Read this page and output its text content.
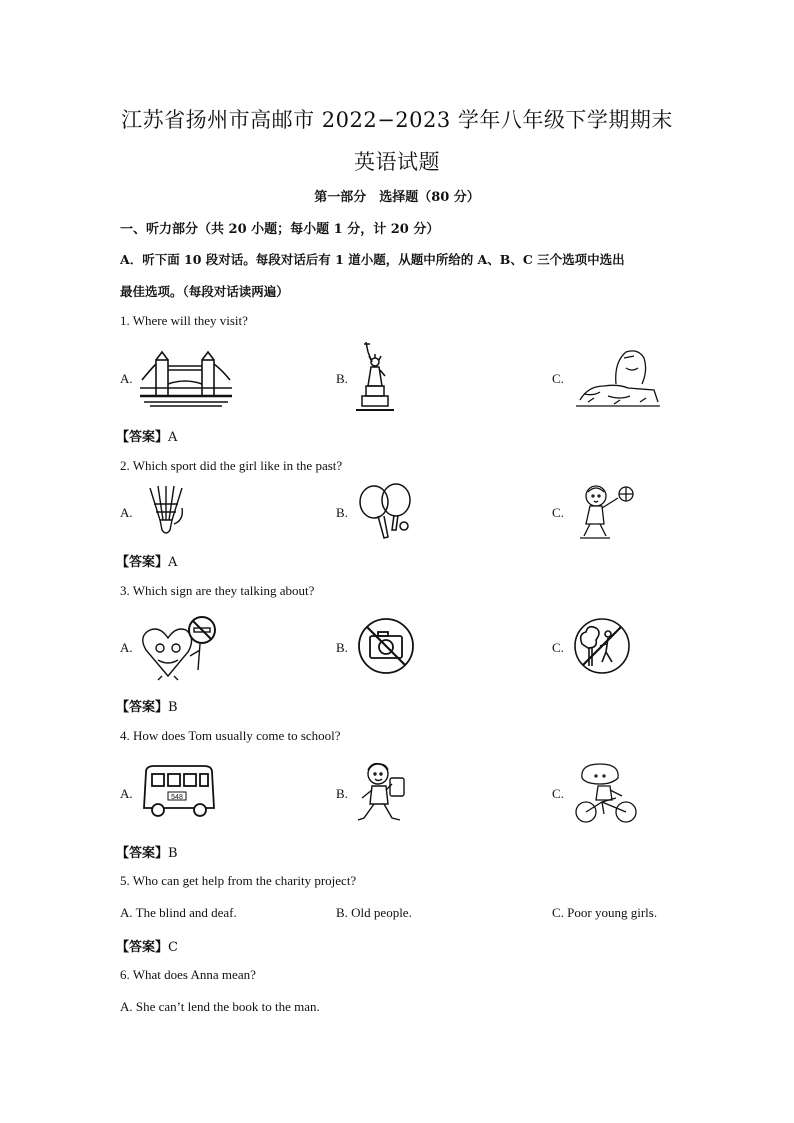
江苏省扬州市高邮市 2022−2023 学年八年级下学期期末
英语试题
第一部分　选择题（80 分）
一、听力部分（共 20 小题；每小题 1 分，计 20 分）
A．听下面 10 段对话。每段对话后有 1 道小题，从题中所给的 A、B、C 三个选项中选出
最佳选项。（每段对话读两遍）
1. Where will they visit?
A.	B.	C.
【答案】A
2. Which sport did the girl like in the past?
A.	B.	C.
【答案】A
3. Which sign are they talking about?
A.	B.	C.
【答案】B
4. How does Tom usually come to school?
A.	B.	C.
548
【答案】B
5. Who can get help from the charity project?
A. The blind and deaf.	B. Old people.	C. Poor young girls.
【答案】C
6. What does Anna mean?
A. She can’t lend the book to the man.
